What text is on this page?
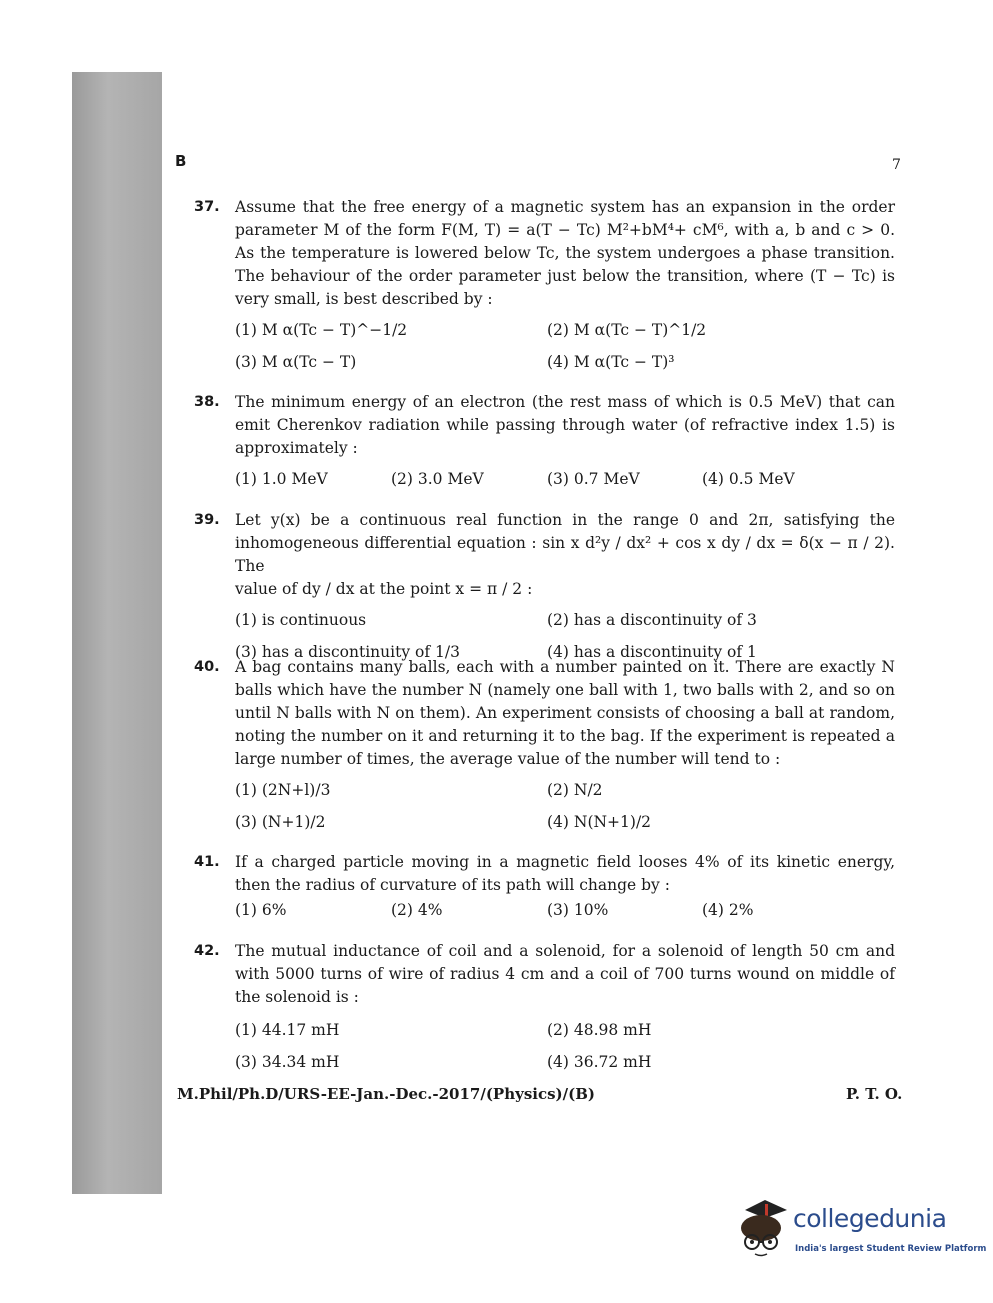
B	7
37. Assume that the free energy of a magnetic system has an expansion in the order parameter M of the form F(M, T) = a(T − Tc) M²+bM⁴+ cM⁶, with a, b and c > 0. As the temperature is lowered below Tc, the system undergoes a phase transition. The behaviour of the order parameter just below the transition, where (T − Tc) is very small, is best described by :
(1) M α(Tc − T)^−1/2	(2) M α(Tc − T)^1/2
(3) M α(Tc − T)	(4) M α(Tc − T)³
38. The minimum energy of an electron (the rest mass of which is 0.5 MeV) that can emit Cherenkov radiation while passing through water (of refractive index 1.5) is approximately :
(1) 1.0 MeV	(2) 3.0 MeV	(3) 0.7 MeV	(4) 0.5 MeV
39. Let y(x) be a continuous real function in the range 0 and 2π, satisfying the
inhomogeneous differential equation : sin x d²y / dx² + cos x dy / dx = δ(x − π / 2). The
value of dy / dx at the point x = π / 2 :
(1) is continuous	(2) has a discontinuity of 3
(3) has a discontinuity of 1/3	(4) has a discontinuity of 1
40. A bag contains many balls, each with a number painted on it. There are exactly N balls which have the number N (namely one ball with 1, two balls with 2, and so on until N balls with N on them). An experiment consists of choosing a ball at random, noting the number on it and returning it to the bag. If the experiment is repeated a large number of times, the average value of the number will tend to :
(1) (2N+l)/3	(2) N/2
(3) (N+1)/2	(4) N(N+1)/2
41. If a charged particle moving in a magnetic field looses 4% of its kinetic energy, then the radius of curvature of its path will change by :
(1) 6%	(2) 4%	(3) 10%	(4) 2%
42. The mutual inductance of coil and a solenoid, for a solenoid of length 50 cm and with 5000 turns of wire of radius 4 cm and a coil of 700 turns wound on middle of the solenoid is :
(1) 44.17 mH	(2) 48.98 mH
(3) 34.34 mH	(4) 36.72 mH
M.Phil/Ph.D/URS-EE-Jan.-Dec.-2017/(Physics)/(B)	P. T. O.
collegedunia
India's largest Student Review Platform
